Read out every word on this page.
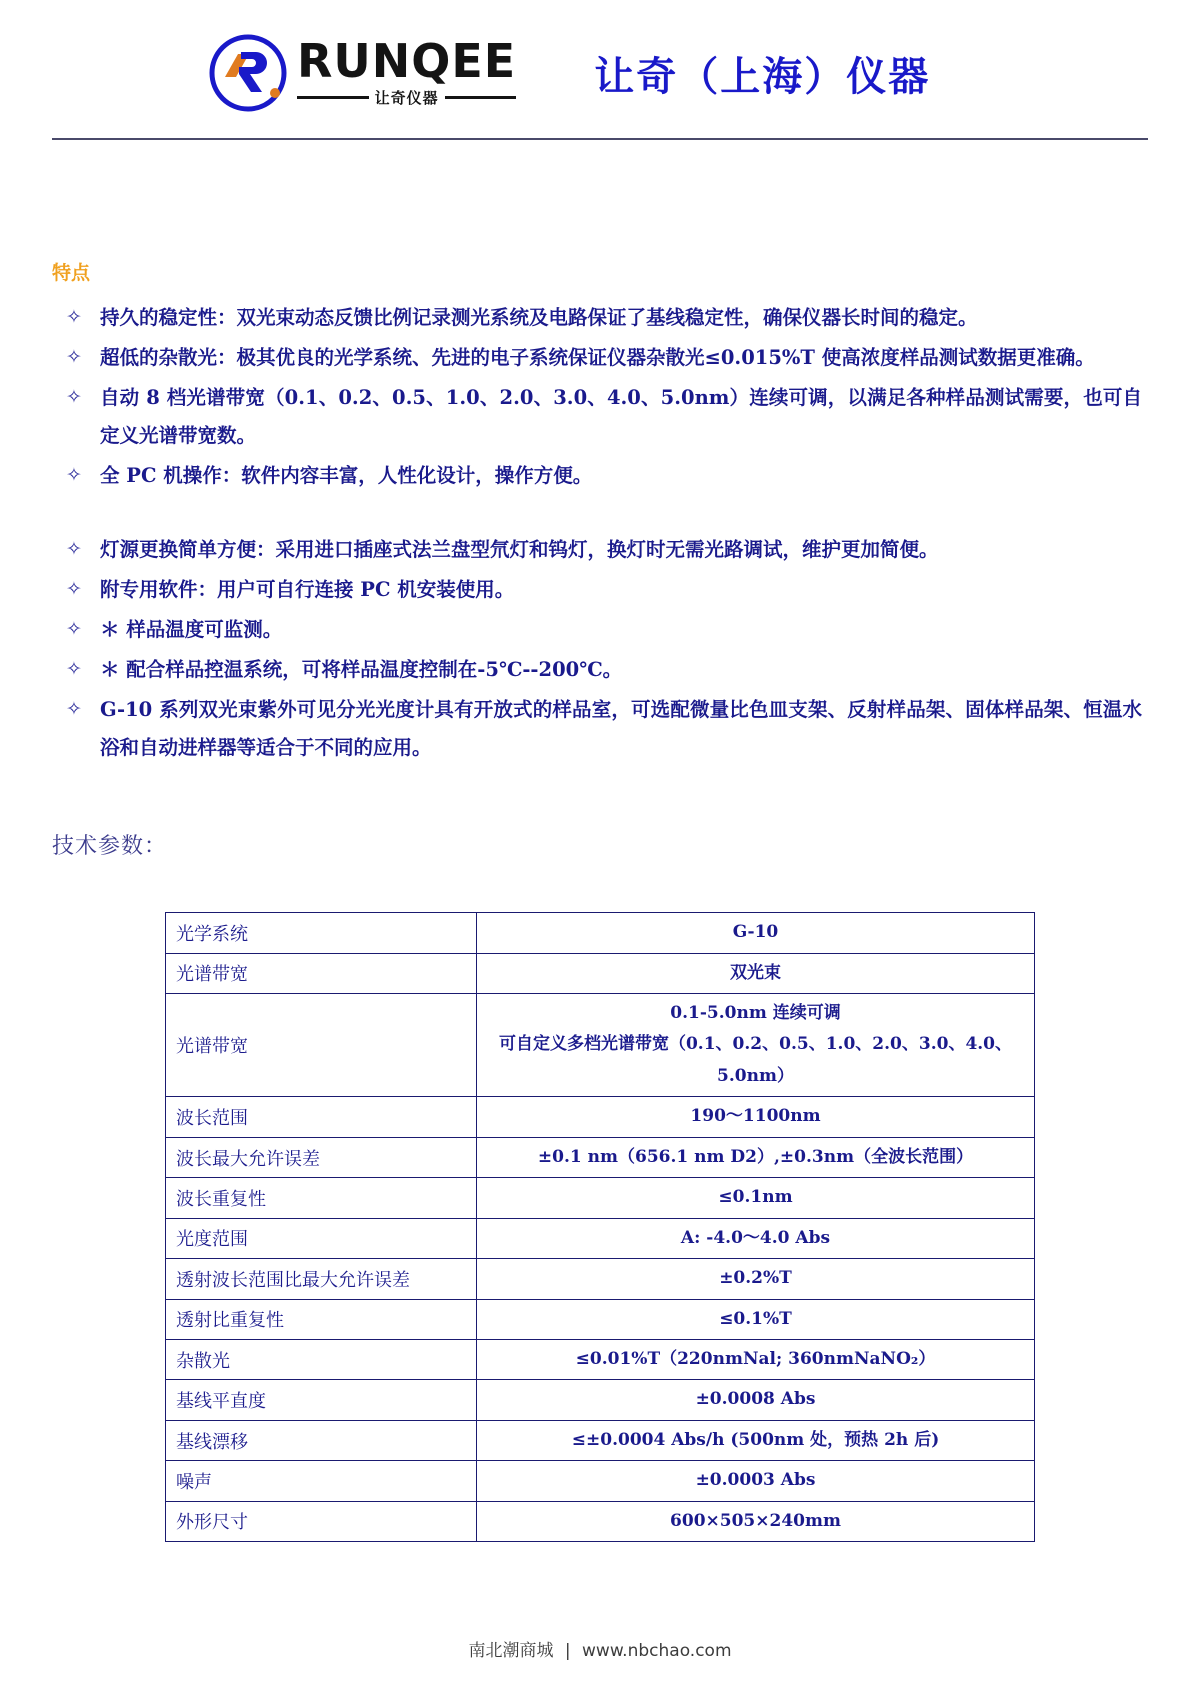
RUNQEE
让奇仪器	让奇（上海）仪器
特点
✧ 持久的稳定性：双光束动态反馈比例记录测光系统及电路保证了基线稳定性，确保仪器长时间的稳定。
✧ 超低的杂散光：极其优良的光学系统、先进的电子系统保证仪器杂散光≤0.015%T 使高浓度样品测试数据更准确。
✧ 自动 8 档光谱带宽（0.1、0.2、0.5、1.0、2.0、3.0、4.0、5.0nm）连续可调，以满足各种样品测试需要，也可自定义光谱带宽数。
✧ 全 PC 机操作：软件内容丰富，人性化设计，操作方便。
✧ 灯源更换简单方便：采用进口插座式法兰盘型氘灯和钨灯，换灯时无需光路调试，维护更加简便。
✧ 附专用软件：用户可自行连接 PC 机安装使用。
✧ ＊ 样品温度可监测。
✧ ＊ 配合样品控温系统，可将样品温度控制在-5℃--200℃。
✧ G-10 系列双光束紫外可见分光光度计具有开放式的样品室，可选配微量比色皿支架、反射样品架、固体样品架、恒温水浴和自动进样器等适合于不同的应用。
技术参数：
光学系统	G-10

光谱带宽	双光束

光谱带宽	0.1-5.0nm 连续可调
可自定义多档光谱带宽（0.1、0.2、0.5、1.0、2.0、3.0、4.0、5.0nm）

波长范围	190～1100nm

波长最大允许误差	±0.1 nm（656.1 nm D2）,±0.3nm（全波长范围）

波长重复性	≤0.1nm

光度范围	A: -4.0～4.0 Abs

透射波长范围比最大允许误差	±0.2%T

透射比重复性	≤0.1%T

杂散光	≤0.01%T（220nmNal; 360nmNaNO₂）

基线平直度	±0.0008 Abs

基线漂移	≤±0.0004 Abs/h (500nm 处，预热 2h 后)

噪声	±0.0003 Abs

外形尺寸	600×505×240mm
南北潮商城 | www.nbchao.com
